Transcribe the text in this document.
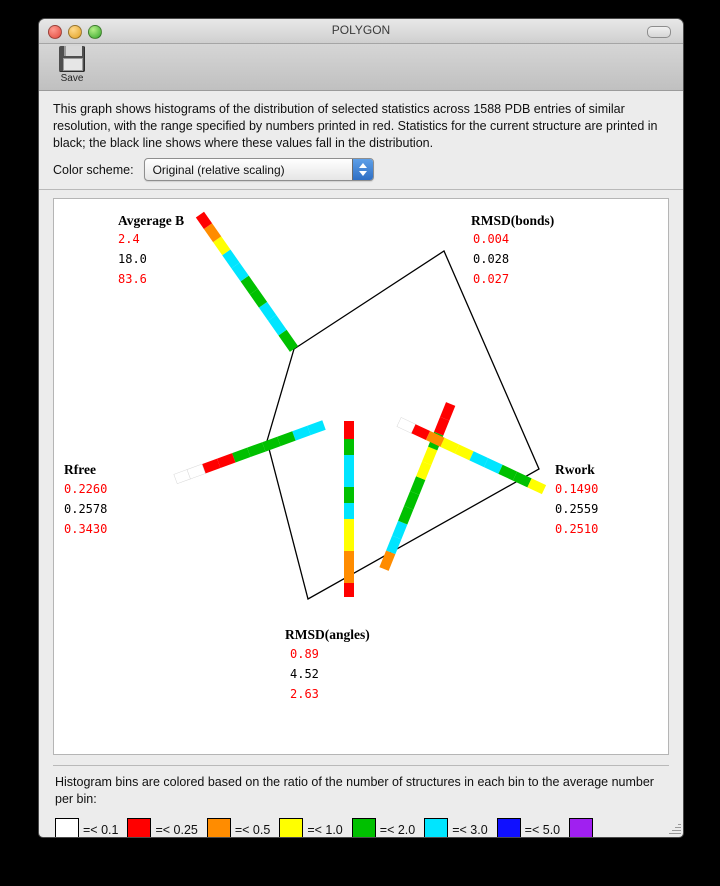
POLYGON
Save
This graph shows histograms of the distribution of selected statistics across 1588 PDB entries of similar resolution, with the range specified by numbers printed in red. Statistics for the current structure are printed in black; the black line shows where these values fall in the distribution.
Color scheme:	Original (relative scaling)
Avgerage B
2.4
18.0
83.6
RMSD(bonds)
0.004
0.028
0.027
Rwork
0.1490
0.2559
0.2510
RMSD(angles)
0.89
4.52
2.63
Rfree
0.2260
0.2578
0.3430
Histogram bins are colored based on the ratio of the number of structures in each bin to the average number per bin:
=< 0.1	=< 0.25	=< 0.5	=< 1.0	=< 2.0	=< 3.0	=< 5.0
